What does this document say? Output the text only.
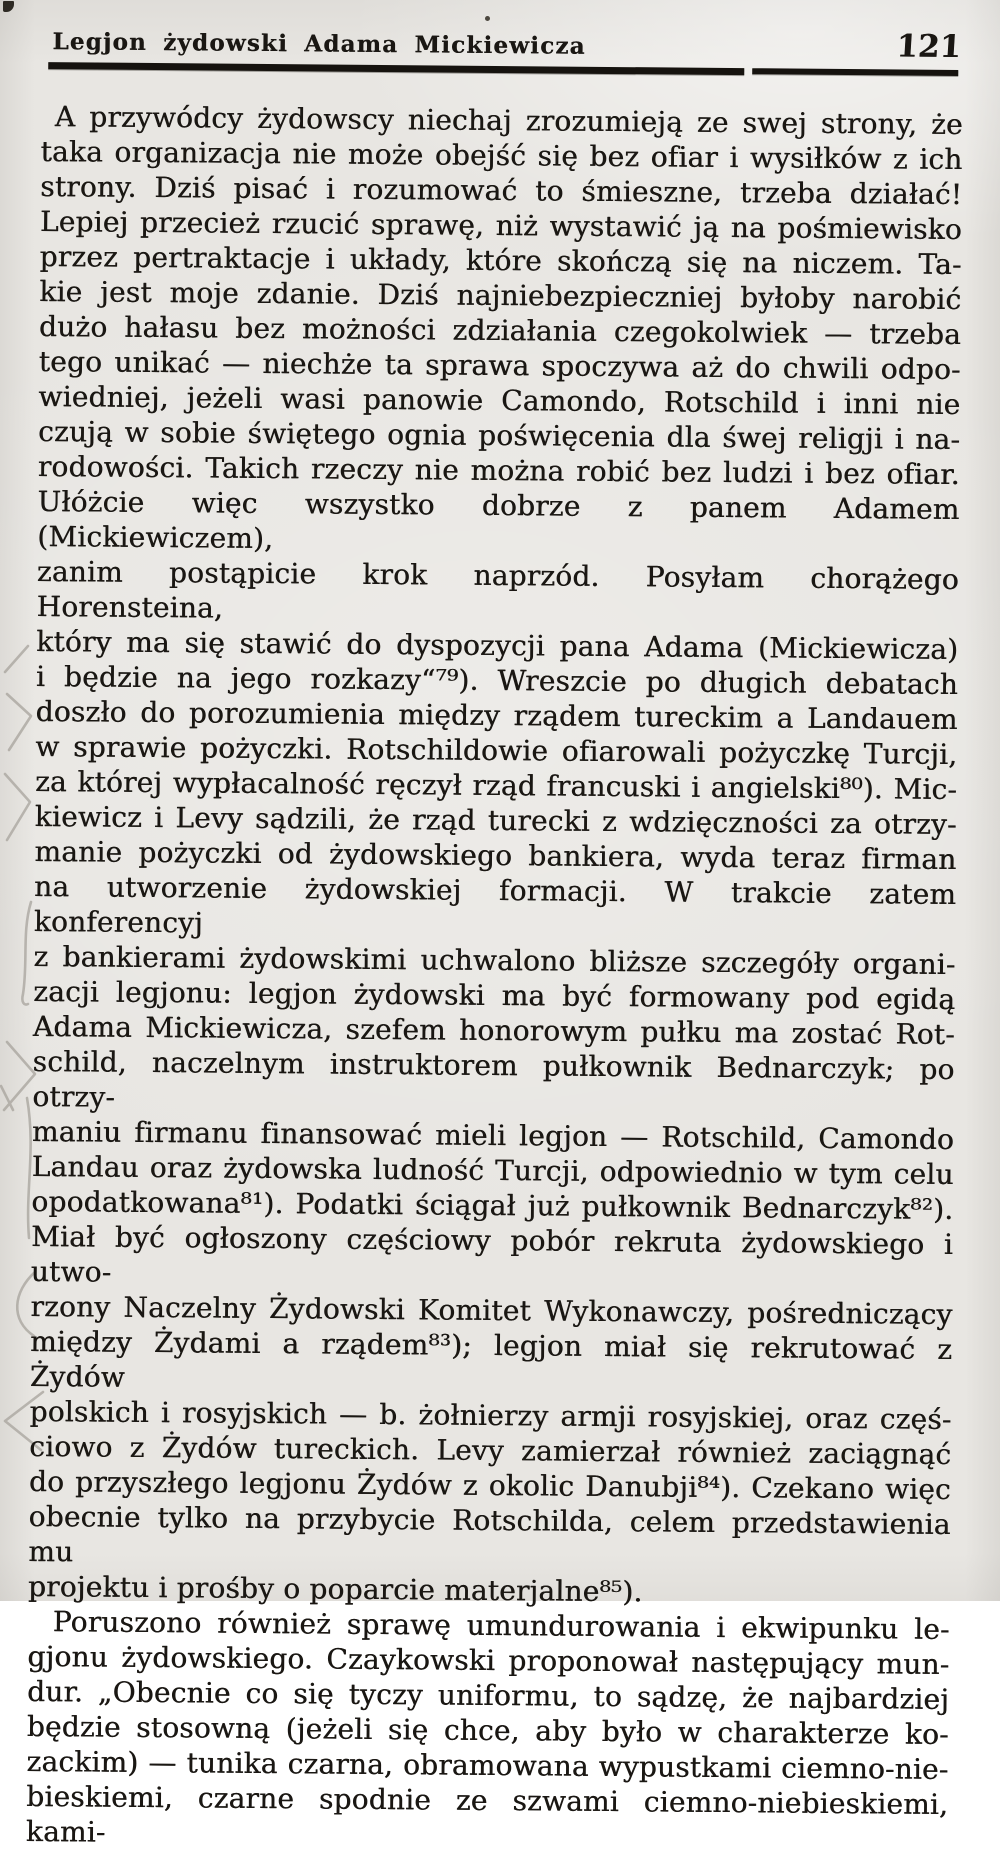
Legjon żydowski Adama Mickiewicza	121
A przywódcy żydowscy niechaj zrozumieją ze swej strony, że
taka organizacja nie może obejść się bez ofiar i wysiłków z ich
strony. Dziś pisać i rozumować to śmieszne, trzeba działać!
Lepiej przecież rzucić sprawę, niż wystawić ją na pośmiewisko
przez pertraktacje i układy, które skończą się na niczem. Ta-
kie jest moje zdanie. Dziś najniebezpieczniej byłoby narobić
dużo hałasu bez możności zdziałania czegokolwiek — trzeba
tego unikać — niechże ta sprawa spoczywa aż do chwili odpo-
wiedniej, jeżeli wasi panowie Camondo, Rotschild i inni nie
czują w sobie świętego ognia poświęcenia dla śwej religji i na-
rodowości. Takich rzeczy nie można robić bez ludzi i bez ofiar.
Ułóżcie więc wszystko dobrze z panem Adamem (Mickiewiczem),
zanim postąpicie krok naprzód. Posyłam chorążego Horensteina,
który ma się stawić do dyspozycji pana Adama (Mickiewicza)
i będzie na jego rozkazy“⁷⁹). Wreszcie po długich debatach
doszło do porozumienia między rządem tureckim a Landauem
w sprawie pożyczki. Rotschildowie ofiarowali pożyczkę Turcji,
za której wypłacalność ręczył rząd francuski i angielski⁸⁰). Mic-
kiewicz i Levy sądzili, że rząd turecki z wdzięczności za otrzy-
manie pożyczki od żydowskiego bankiera, wyda teraz firman
na utworzenie żydowskiej formacji. W trakcie zatem konferencyj
z bankierami żydowskimi uchwalono bliższe szczegóły organi-
zacji legjonu: legjon żydowski ma być formowany pod egidą
Adama Mickiewicza, szefem honorowym pułku ma zostać Rot-
schild, naczelnym instruktorem pułkownik Bednarczyk; po otrzy-
maniu firmanu finansować mieli legjon — Rotschild, Camondo
Landau oraz żydowska ludność Turcji, odpowiednio w tym celu
opodatkowana⁸¹). Podatki ściągał już pułkownik Bednarczyk⁸²).
Miał być ogłoszony częściowy pobór rekruta żydowskiego i utwo-
rzony Naczelny Żydowski Komitet Wykonawczy, pośredniczący
między Żydami a rządem⁸³); legjon miał się rekrutować z Żydów
polskich i rosyjskich — b. żołnierzy armji rosyjskiej, oraz częś-
ciowo z Żydów tureckich. Levy zamierzał również zaciągnąć
do przyszłego legjonu Żydów z okolic Danubji⁸⁴). Czekano więc
obecnie tylko na przybycie Rotschilda, celem przedstawienia mu
projektu i prośby o poparcie materjalne⁸⁵).
Poruszono również sprawę umundurowania i ekwipunku le-
gjonu żydowskiego. Czaykowski proponował następujący mun-
dur. „Obecnie co się tyczy uniformu, to sądzę, że najbardziej
będzie stosowną (jeżeli się chce, aby było w charakterze ko-
zackim) — tunika czarna, obramowana wypustkami ciemno-nie-
bieskiemi, czarne spodnie ze szwami ciemno-niebieskiemi, kami-
